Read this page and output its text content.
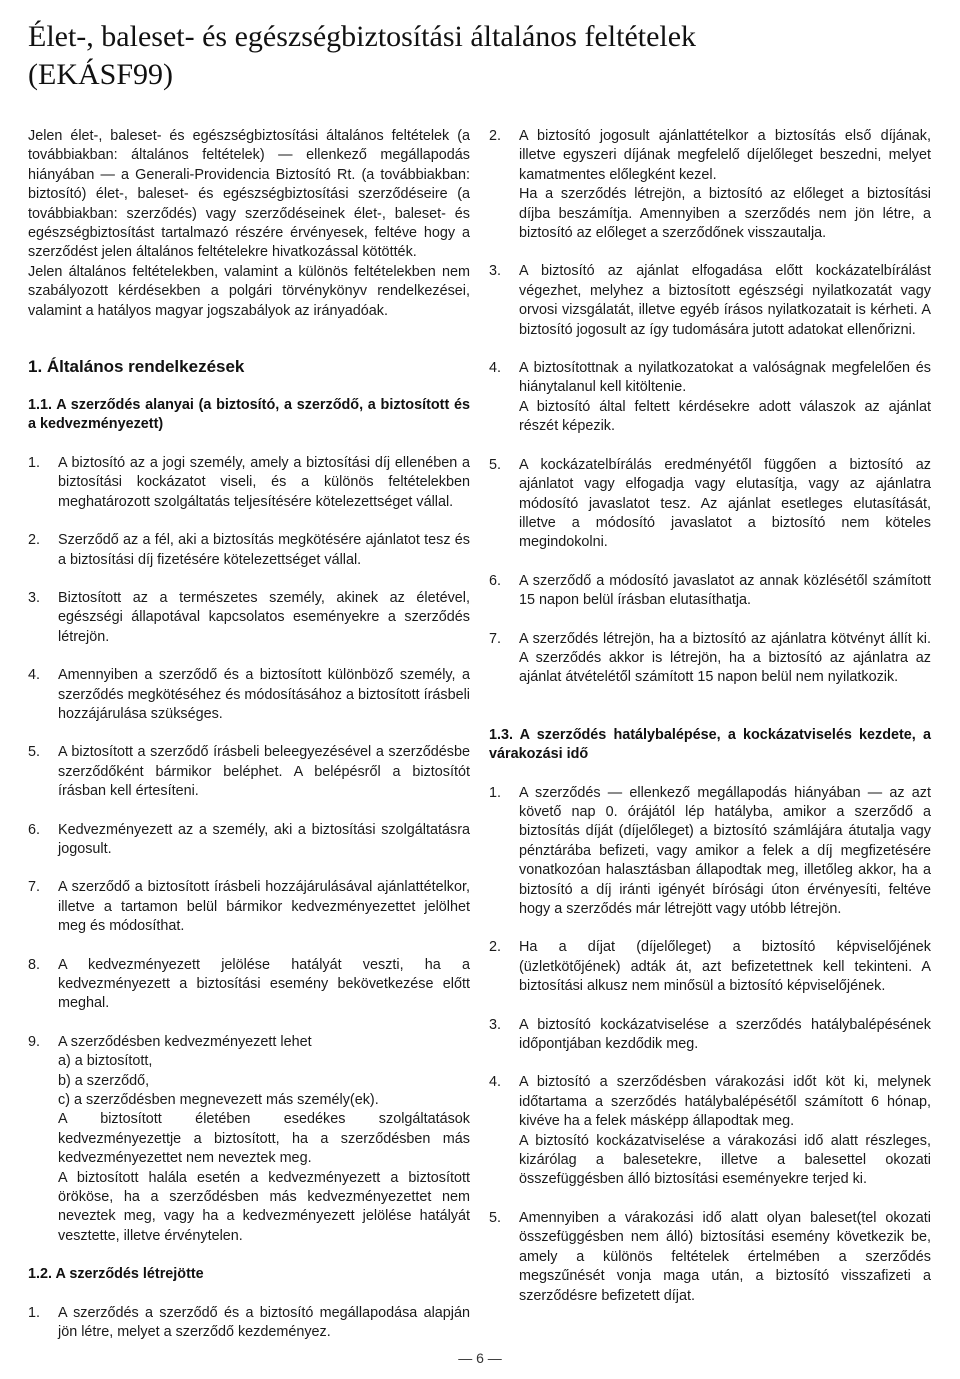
Élet-, baleset- és egészségbiztosítási általános feltételek
(EKÁSF99)

Jelen élet-, baleset- és egészségbiztosítási általános feltételek (a továbbiakban: általános feltételek) — ellenkező megállapodás hiányában — a Generali-Providencia Biztosító Rt. (a továbbiakban: biztosító) élet-, baleset- és egészségbiztosítási szerződéseire (a továbbiakban: szerződés) vagy szerződéseinek élet-, baleset- és egészségbiztosítást tartalmazó részére érvényesek, feltéve hogy a szerződést jelen általános feltételekre hivatkozással kötötték.

Jelen általános feltételekben, valamint a különös feltételekben nem szabályozott kérdésekben a polgári törvénykönyv rendelkezései, valamint a hatályos magyar jogszabályok az irányadóak.

1. Általános rendelkezések

1.1. A szerződés alanyai (a biztosító, a szerződő, a biztosított és a kedvezményezett)

1.	A biztosító az a jogi személy, amely a biztosítási díj ellenében a biztosítási kockázatot viseli, és a különös feltételekben meghatározott szolgáltatás teljesítésére kötelezettséget vállal.
2.	Szerződő az a fél, aki a biztosítás megkötésére ajánlatot tesz és a biztosítási díj fizetésére kötelezettséget vállal.
3.	Biztosított az a természetes személy, akinek az életével, egészségi állapotával kapcsolatos eseményekre a szerződés létrejön.
4.	Amennyiben a szerződő és a biztosított különböző személy, a szerződés megkötéséhez és módosításához a biztosított írásbeli hozzájárulása szükséges.
5.	A biztosított a szerződő írásbeli beleegyezésével a szerződésbe szerződőként bármikor beléphet. A belépésről a biztosítót írásban kell értesíteni.
6.	Kedvezményezett az a személy, aki a biztosítási szolgáltatásra jogosult.
7.	A szerződő a biztosított írásbeli hozzájárulásával ajánlattételkor, illetve a tartamon belül bármikor kedvezményezettet jelölhet meg és módosíthat.
8.	A kedvezményezett jelölése hatályát veszti, ha a kedvezményezett a biztosítási esemény bekövetkezése előtt meghal.
9.	A szerződésben kedvezményezett lehet
a) a biztosított,
b) a szerződő,
c) a szerződésben megnevezett más személy(ek).
A biztosított életében esedékes szolgáltatások kedvezményezettje a biztosított, ha a szerződésben más kedvezményezettet nem neveztek meg.
A biztosított halála esetén a kedvezményezett a biztosított örököse, ha a szerződésben más kedvezményezettet nem neveztek meg, vagy ha a kedvezményezett jelölése hatályát vesztette, illetve érvénytelen.

1.2. A szerződés létrejötte

1.	A szerződés a szerződő és a biztosító megállapodása alapján jön létre, melyet a szerződő kezdeményez.
2.	A biztosító jogosult ajánlattételkor a biztosítás első díjának, illetve egyszeri díjának megfelelő díjelőleget beszedni, melyet kamatmentes előlegként kezel.
Ha a szerződés létrejön, a biztosító az előleget a biztosítási díjba beszámítja. Amennyiben a szerződés nem jön létre, a biztosító az előleget a szerződőnek visszautalja.
3.	A biztosító az ajánlat elfogadása előtt kockázatelbírálást végezhet, melyhez a biztosított egészségi nyilatkozatát vagy orvosi vizsgálatát, illetve egyéb írásos nyilatkozatait is kérheti. A biztosító jogosult az így tudomására jutott adatokat ellenőrizni.
4.	A biztosítottnak a nyilatkozatokat a valóságnak megfelelően és hiánytalanul kell kitöltenie.
A biztosító által feltett kérdésekre adott válaszok az ajánlat részét képezik.
5.	A kockázatelbírálás eredményétől függően a biztosító az ajánlatot vagy elfogadja vagy elutasítja, vagy az ajánlatra módosító javaslatot tesz. Az ajánlat esetleges elutasítását, illetve a módosító javaslatot a biztosító nem köteles megindokolni.
6.	A szerződő a módosító javaslatot az annak közlésétől számított 15 napon belül írásban elutasíthatja.
7.	A szerződés létrejön, ha a biztosító az ajánlatra kötvényt állít ki. A szerződés akkor is létrejön, ha a biztosító az ajánlatra az ajánlat átvételétől számított 15 napon belül nem nyilatkozik.

1.3. A szerződés hatálybalépése, a kockázatviselés kezdete, a várakozási idő

1.	A szerződés — ellenkező megállapodás hiányában — az azt követő nap 0. órájától lép hatályba, amikor a szerződő a biztosítás díját (díjelőleget) a biztosító számlájára átutalja vagy pénztárába befizeti, vagy amikor a felek a díj megfizetésére vonatkozóan halasztásban állapodtak meg, illetőleg akkor, ha a biztosító a díj iránti igényét bírósági úton érvényesíti, feltéve hogy a szerződés már létrejött vagy utóbb létrejön.
2.	Ha a díjat (díjelőleget) a biztosító képviselőjének (üzletkötőjének) adták át, azt befizetettnek kell tekinteni. A biztosítási alkusz nem minősül a biztosító képviselőjének.
3.	A biztosító kockázatviselése a szerződés hatálybalépésének időpontjában kezdődik meg.
4.	A biztosító a szerződésben várakozási időt köt ki, melynek időtartama a szerződés hatálybalépésétől számított 6 hónap, kivéve ha a felek másképp állapodtak meg.
A biztosító kockázatviselése a várakozási idő alatt részleges, kizárólag a balesetekre, illetve a balesettel okozati összefüggésben álló biztosítási eseményekre terjed ki.
5.	Amennyiben a várakozási idő alatt olyan baleset(tel okozati összefüggésben nem álló) biztosítási esemény következik be, amely a különös feltételek értelmében a szerződés megszűnését vonja maga után, a biztosító visszafizeti a szerződésre befizetett díjat.
— 6 —
